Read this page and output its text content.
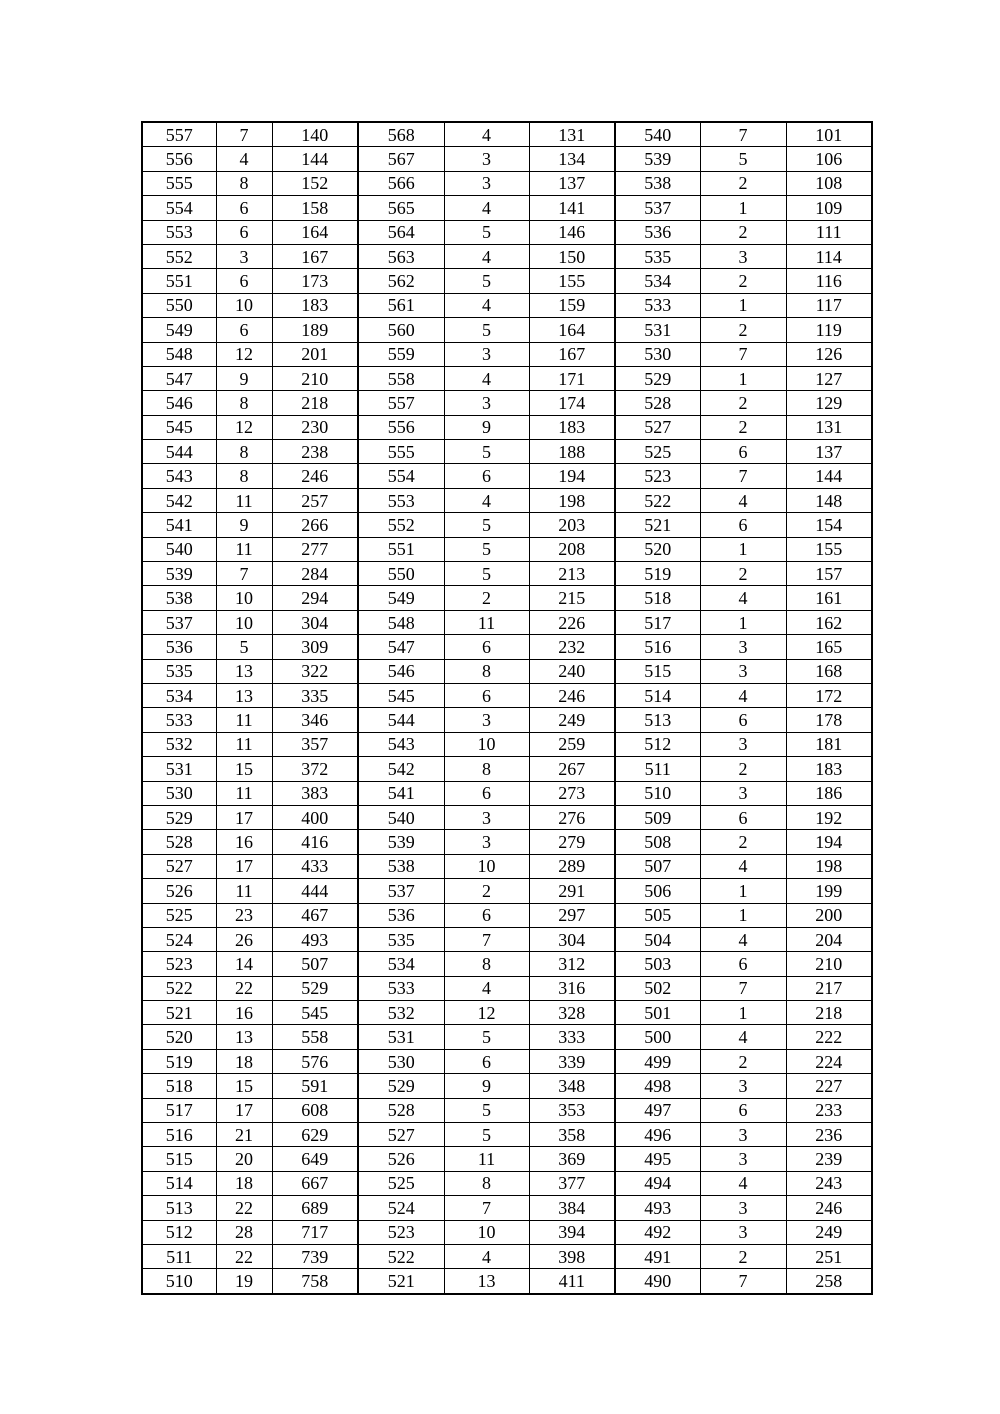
557	7	140	568	4	131	540	7	101
556	4	144	567	3	134	539	5	106
555	8	152	566	3	137	538	2	108
554	6	158	565	4	141	537	1	109
553	6	164	564	5	146	536	2	111
552	3	167	563	4	150	535	3	114
551	6	173	562	5	155	534	2	116
550	10	183	561	4	159	533	1	117
549	6	189	560	5	164	531	2	119
548	12	201	559	3	167	530	7	126
547	9	210	558	4	171	529	1	127
546	8	218	557	3	174	528	2	129
545	12	230	556	9	183	527	2	131
544	8	238	555	5	188	525	6	137
543	8	246	554	6	194	523	7	144
542	11	257	553	4	198	522	4	148
541	9	266	552	5	203	521	6	154
540	11	277	551	5	208	520	1	155
539	7	284	550	5	213	519	2	157
538	10	294	549	2	215	518	4	161
537	10	304	548	11	226	517	1	162
536	5	309	547	6	232	516	3	165
535	13	322	546	8	240	515	3	168
534	13	335	545	6	246	514	4	172
533	11	346	544	3	249	513	6	178
532	11	357	543	10	259	512	3	181
531	15	372	542	8	267	511	2	183
530	11	383	541	6	273	510	3	186
529	17	400	540	3	276	509	6	192
528	16	416	539	3	279	508	2	194
527	17	433	538	10	289	507	4	198
526	11	444	537	2	291	506	1	199
525	23	467	536	6	297	505	1	200
524	26	493	535	7	304	504	4	204
523	14	507	534	8	312	503	6	210
522	22	529	533	4	316	502	7	217
521	16	545	532	12	328	501	1	218
520	13	558	531	5	333	500	4	222
519	18	576	530	6	339	499	2	224
518	15	591	529	9	348	498	3	227
517	17	608	528	5	353	497	6	233
516	21	629	527	5	358	496	3	236
515	20	649	526	11	369	495	3	239
514	18	667	525	8	377	494	4	243
513	22	689	524	7	384	493	3	246
512	28	717	523	10	394	492	3	249
511	22	739	522	4	398	491	2	251
510	19	758	521	13	411	490	7	258
